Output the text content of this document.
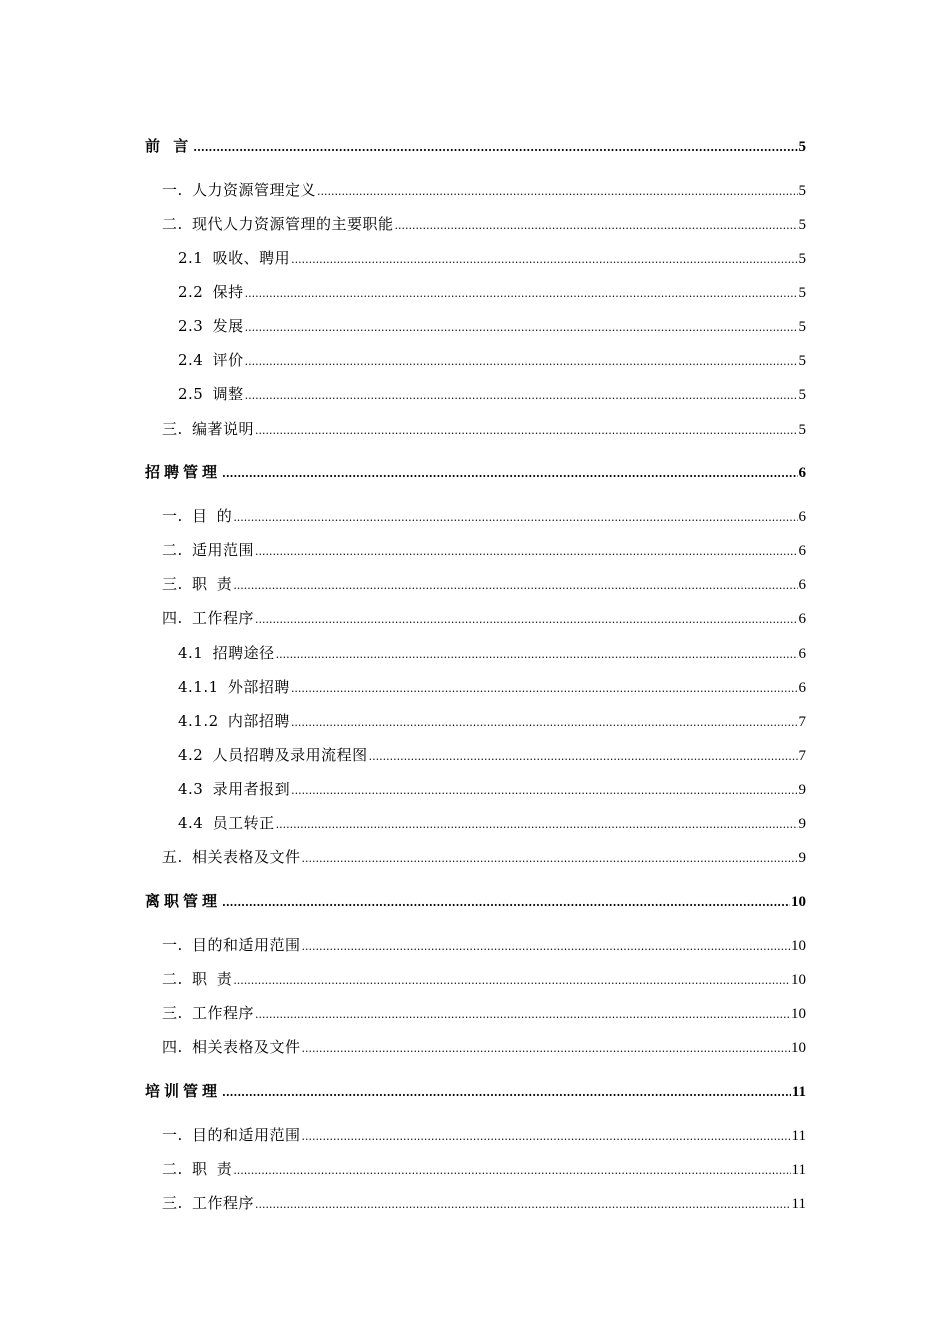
前 言 .....	5
一. 人力资源管理定义 .....	5
二. 现代人力资源管理的主要职能 .....	5
2.1 吸收、聘用 .....	5
2.2 保持 .....	5
2.3 发展 .....	5
2.4 评价 .....	5
2.5 调整 .....	5
三. 编著说明 .....	5
招聘管理 .....	6
一. 目 的 .....	6
二. 适用范围 .....	6
三. 职 责 .....	6
四. 工作程序 .....	6
4.1 招聘途径 .....	6
4.1.1 外部招聘 .....	6
4.1.2 内部招聘 .....	7
4.2 人员招聘及录用流程图 .....	7
4.3 录用者报到 .....	9
4.4 员工转正 .....	9
五. 相关表格及文件 .....	9
离职管理 .....	10
一. 目的和适用范围 .....	10
二. 职 责 .....	10
三. 工作程序 .....	10
四. 相关表格及文件 .....	10
培训管理 .....	11
一. 目的和适用范围 .....	11
二. 职 责 .....	11
三. 工作程序 .....	11
